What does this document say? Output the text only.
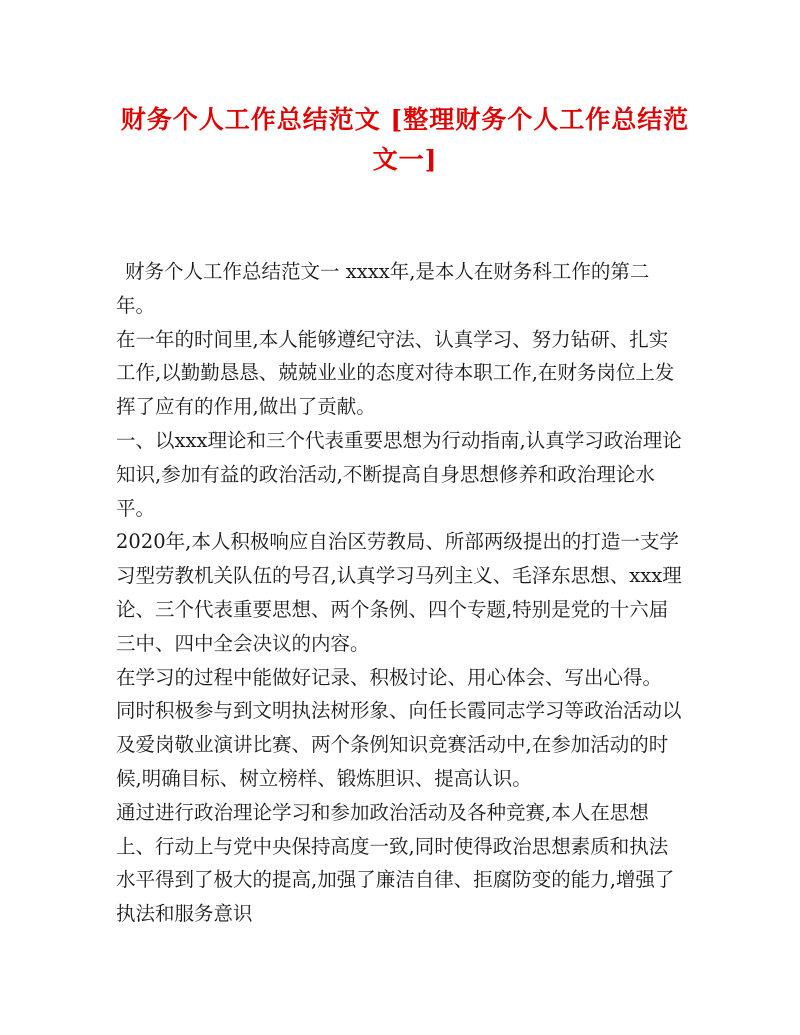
财务个人工作总结范文 [整理财务个人工作总结范文一]

财务个人工作总结范文一 xxxx年,是本人在财务科工作的第二年。

在一年的时间里,本人能够遵纪守法、认真学习、努力钻研、扎实工作,以勤勤恳恳、兢兢业业的态度对待本职工作,在财务岗位上发挥了应有的作用,做出了贡献。

一、以xxx理论和三个代表重要思想为行动指南,认真学习政治理论知识,参加有益的政治活动,不断提高自身思想修养和政治理论水平。

2020年,本人积极响应自治区劳教局、所部两级提出的打造一支学习型劳教机关队伍的号召,认真学习马列主义、毛泽东思想、xxx理论、三个代表重要思想、两个条例、四个专题,特别是党的十六届三中、四中全会决议的内容。

在学习的过程中能做好记录、积极讨论、用心体会、写出心得。

同时积极参与到文明执法树形象、向任长霞同志学习等政治活动以及爱岗敬业演讲比赛、两个条例知识竞赛活动中,在参加活动的时候,明确目标、树立榜样、锻炼胆识、提高认识。

通过进行政治理论学习和参加政治活动及各种竞赛,本人在思想上、行动上与党中央保持高度一致,同时使得政治思想素质和执法水平得到了极大的提高,加强了廉洁自律、拒腐防变的能力,增强了执法和服务意识
